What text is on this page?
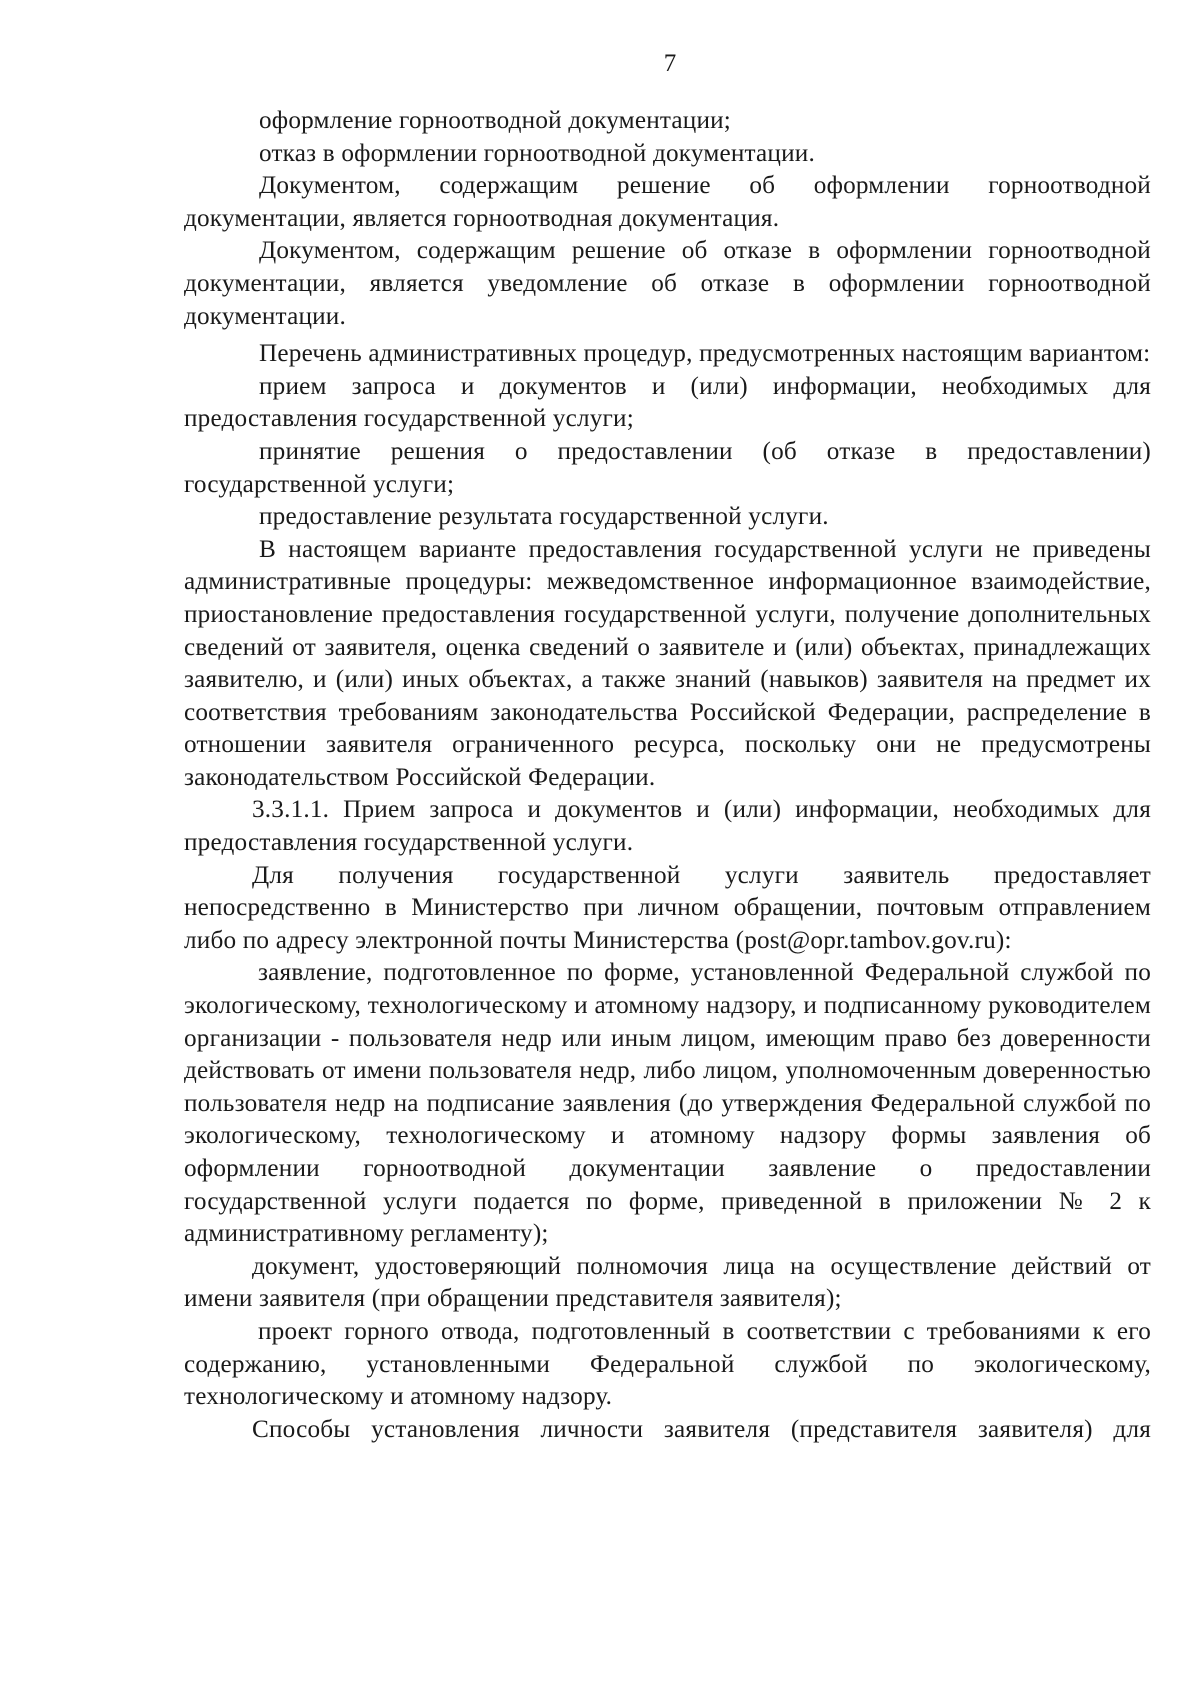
7

оформление горноотводной документации;

отказ в оформлении горноотводной документации.

Документом, содержащим решение об оформлении горноотводной документации, является горноотводная документация.

Документом, содержащим решение об отказе в оформлении горноотводной документации, является уведомление об отказе в оформлении горноотводной документации.

Перечень административных процедур, предусмотренных настоящим вариантом:

прием запроса и документов и (или) информации, необходимых для предоставления государственной услуги;

принятие решения о предоставлении (об отказе в предоставлении) государственной услуги;

предоставление результата государственной услуги.

В настоящем варианте предоставления государственной услуги не приведены административные процедуры: межведомственное информационное взаимодействие, приостановление предоставления государственной услуги, получение дополнительных сведений от заявителя, оценка сведений о заявителе и (или) объектах, принадлежащих заявителю, и (или) иных объектах, а также знаний (навыков) заявителя на предмет их соответствия требованиям законодательства Российской Федерации, распределение в отношении заявителя ограниченного ресурса, поскольку они не предусмотрены законодательством Российской Федерации.

3.3.1.1. Прием запроса и документов и (или) информации, необходимых для предоставления государственной услуги.

Для получения государственной услуги заявитель предоставляет непосредственно в Министерство при личном обращении, почтовым отправлением либо по адресу электронной почты Министерства (post@opr.tambov.gov.ru):

заявление, подготовленное по форме, установленной Федеральной службой по экологическому, технологическому и атомному надзору, и подписанному руководителем организации - пользователя недр или иным лицом, имеющим право без доверенности действовать от имени пользователя недр, либо лицом, уполномоченным доверенностью пользователя недр на подписание заявления (до утверждения Федеральной службой по экологическому, технологическому и атомному надзору формы заявления об оформлении горноотводной документации заявление о предоставлении государственной услуги подается по форме, приведенной в приложении № 2 к административному регламенту);

документ, удостоверяющий полномочия лица на осуществление действий от имени заявителя (при обращении представителя заявителя);

проект горного отвода, подготовленный в соответствии с требованиями к его содержанию, установленными Федеральной службой по экологическому, технологическому и атомному надзору.

Способы установления личности заявителя (представителя заявителя) для
